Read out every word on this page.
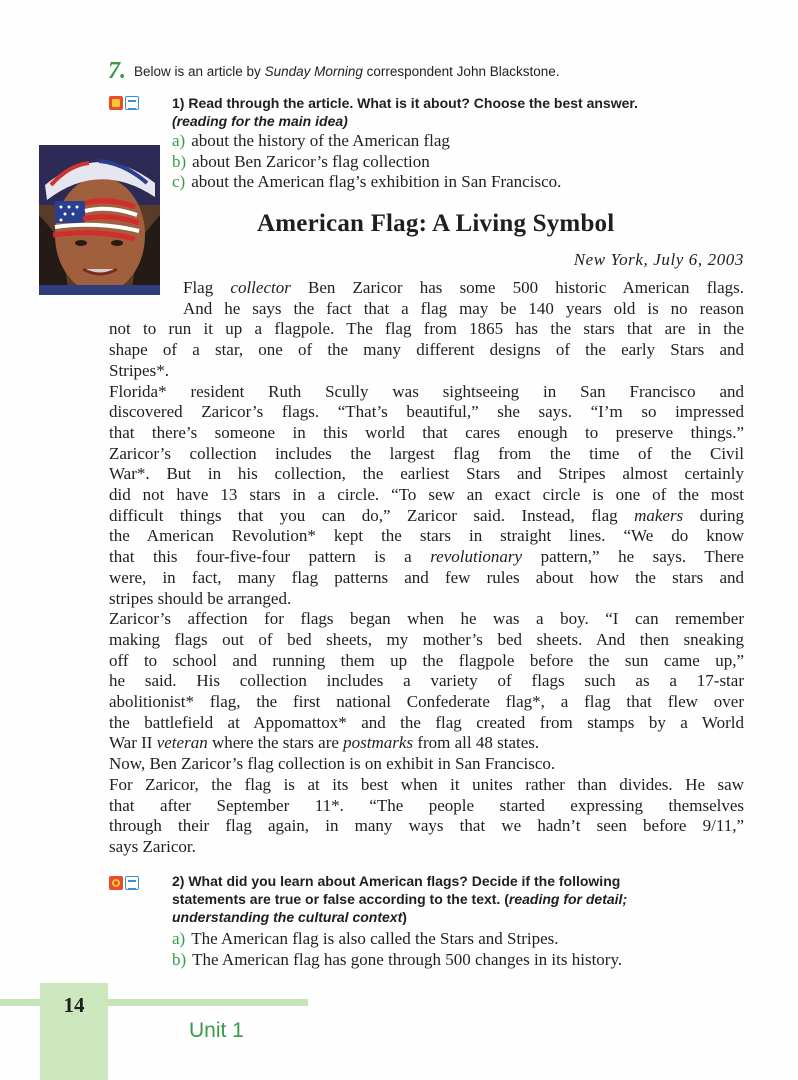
7. Below is an article by Sunday Morning correspondent John Blackstone.
1) Read through the article. What is it about? Choose the best answer.
(reading for the main idea)
a) about the history of the American flag
b) about Ben Zaricor’s flag collection
c) about the American flag’s exhibition in San Francisco.
American Flag: A Living Symbol
New York, July 6, 2003
Flag collector Ben Zaricor has some 500 historic American flags.
And he says the fact that a flag may be 140 years old is no reason
not to run it up a flagpole. The flag from 1865 has the stars that are in the
shape of a star, one of the many different designs of the early Stars and
Stripes*.
Florida* resident Ruth Scully was sightseeing in San Francisco and
discovered Zaricor’s flags. “That’s beautiful,” she says. “I’m so impressed
that there’s someone in this world that cares enough to preserve things.”
Zaricor’s collection includes the largest flag from the time of the Civil
War*. But in his collection, the earliest Stars and Stripes almost certainly
did not have 13 stars in a circle. “To sew an exact circle is one of the most
difficult things that you can do,” Zaricor said. Instead, flag makers during
the American Revolution* kept the stars in straight lines. “We do know
that this four-five-four pattern is a revolutionary pattern,” he says. There
were, in fact, many flag patterns and few rules about how the stars and
stripes should be arranged.
Zaricor’s affection for flags began when he was a boy. “I can remember
making flags out of bed sheets, my mother’s bed sheets. And then sneaking
off to school and running them up the flagpole before the sun came up,”
he said. His collection includes a variety of flags such as a 17-star
abolitionist* flag, the first national Confederate flag*, a flag that flew over
the battlefield at Appomattox* and the flag created from stamps by a World
War II veteran where the stars are postmarks from all 48 states.
Now, Ben Zaricor’s flag collection is on exhibit in San Francisco.
For Zaricor, the flag is at its best when it unites rather than divides. He saw
that after September 11*. “The people started expressing themselves
through their flag again, in many ways that we hadn’t seen before 9/11,”
says Zaricor.
2) What did you learn about American flags? Decide if the following
statements are true or false according to the text. (reading for detail;
understanding the cultural context)
a) The American flag is also called the Stars and Stripes.
b) The American flag has gone through 500 changes in its history.
14
Unit 1
